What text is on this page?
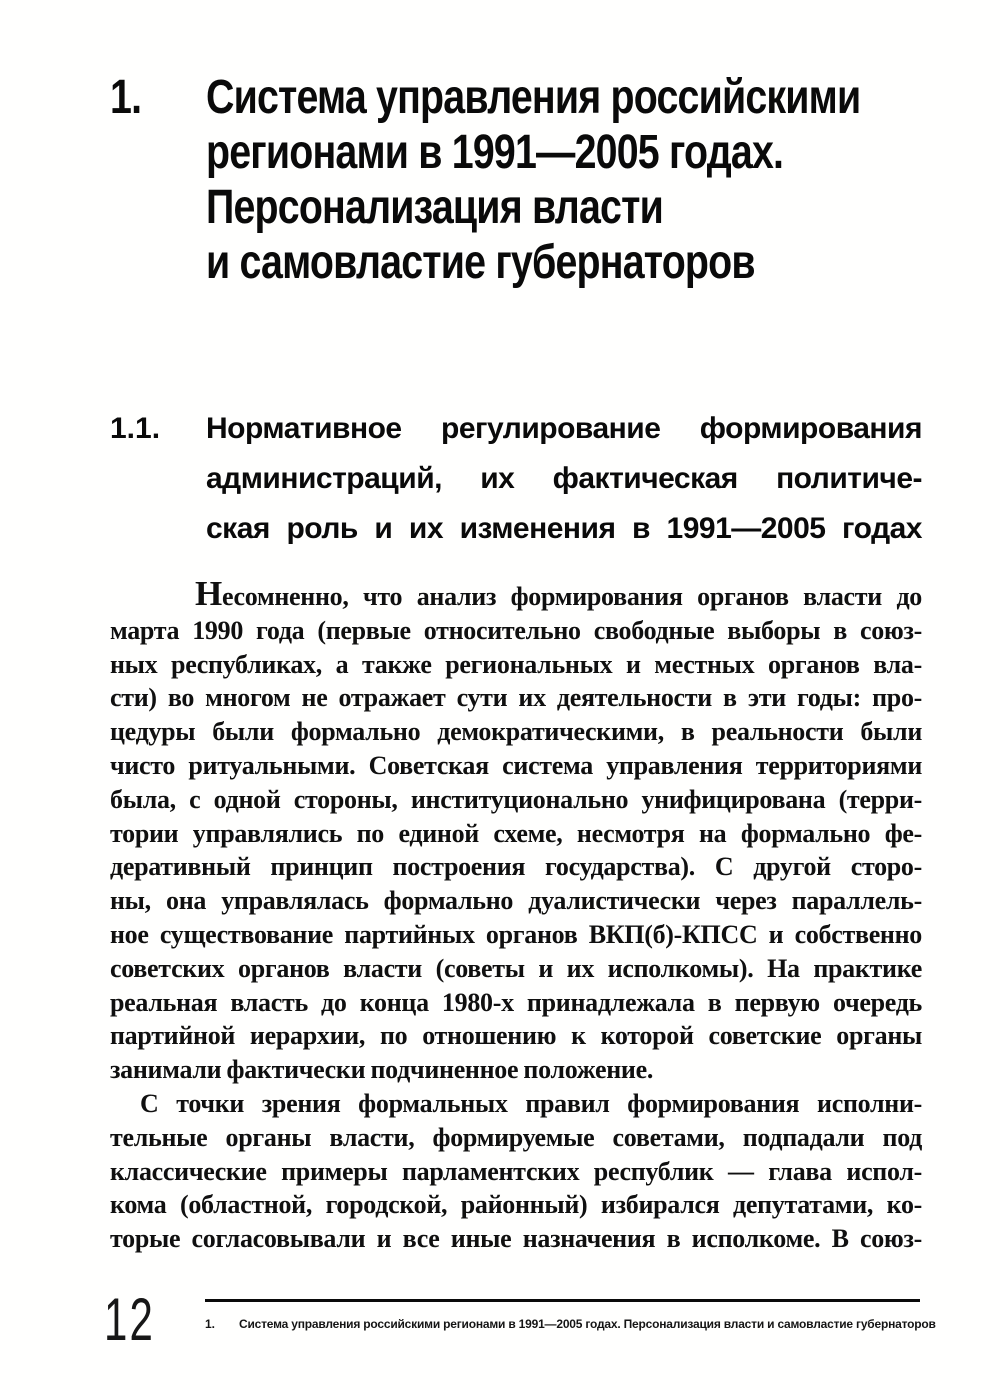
1.	Система управления российскими
регионами в 1991—2005 годах.
Персонализация власти
и самовластие губернаторов
1.1.	Нормативное регулирование формирования
администраций, их фактическая политиче-
ская роль и их изменения в 1991—2005 годах
Несомненно, что анализ формирования органов власти до
марта 1990 года (первые относительно свободные выборы в союз-
ных республиках, а также региональных и местных органов вла-
сти) во многом не отражает сути их деятельности в эти годы: про-
цедуры были формально демократическими, в реальности были
чисто ритуальными. Советская система управления территориями
была, с одной стороны, институционально унифицирована (терри-
тории управлялись по единой схеме, несмотря на формально фе-
деративный принцип построения государства). С другой сторо-
ны, она управлялась формально дуалистически через параллель-
ное существование партийных органов ВКП(б)-КПСС и собственно
советских органов власти (советы и их исполкомы). На практике
реальная власть до конца 1980-х принадлежала в первую очередь
партийной иерархии, по отношению к которой советские органы
занимали фактически подчиненное положение.
С точки зрения формальных правил формирования исполни-
тельные органы власти, формируемые советами, подпадали под
классические примеры парламентских республик — глава испол-
кома (областной, городской, районный) избирался депутатами, ко-
торые согласовывали и все иные назначения в исполкоме. В союз-
12	1.	Система управления российскими регионами в 1991—2005 годах. Персонализация власти и самовластие губернаторов
